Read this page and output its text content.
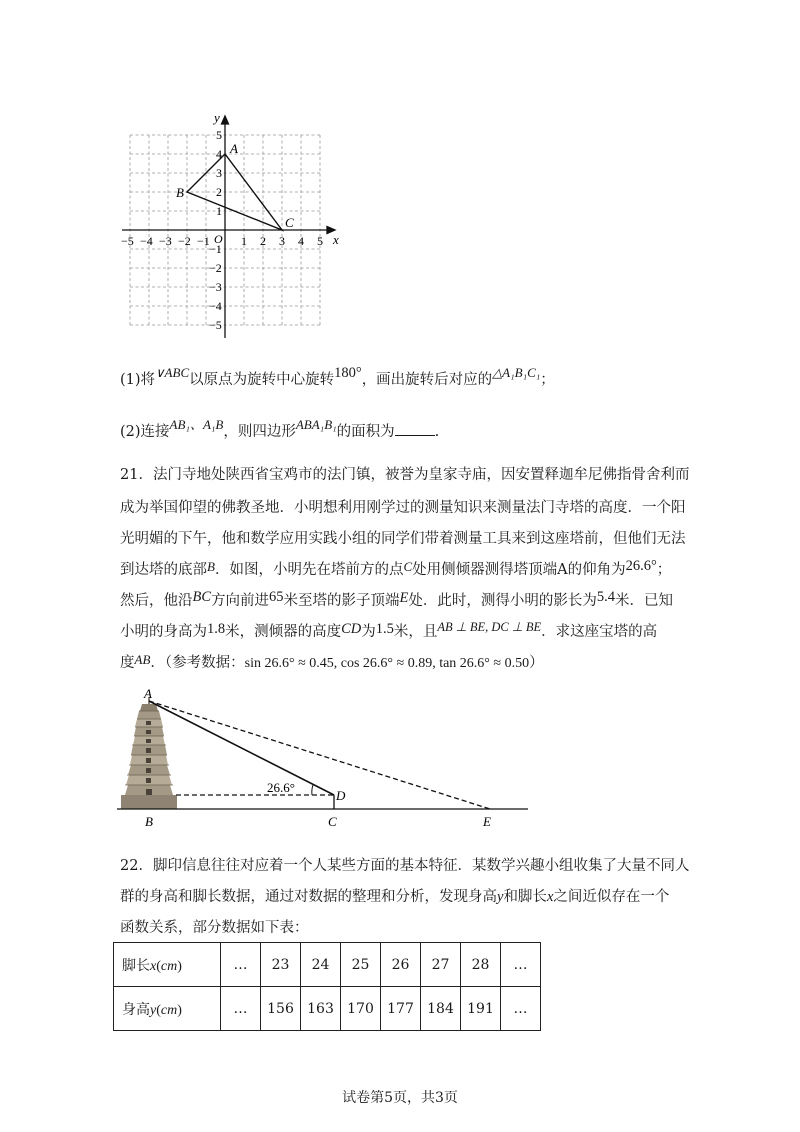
y
x
O
−5 −4 −3 −2 −1	1 2 3 4 5
5
4
3
2
1
−1
−2
−3
−4
−5
A
B
C
(1)将∨ABC以原点为旋转中心旋转180°，画出旋转后对应的△A₁B₁C₁；
(2)连接AB₁、A₁B，则四边形ABA₁B₁的面积为	.
21．法门寺地处陕西省宝鸡市的法门镇，被誉为皇家寺庙，因安置释迦牟尼佛指骨舍利而
成为举国仰望的佛教圣地．小明想利用刚学过的测量知识来测量法门寺塔的高度．一个阳
光明媚的下午，他和数学应用实践小组的同学们带着测量工具来到这座塔前，但他们无法
到达塔的底部B．如图，小明先在塔前方的点C处用侧倾器测得塔顶端A的仰角为26.6°；
然后，他沿BC方向前进65米至塔的影子顶端E处．此时，测得小明的影长为5.4米．已知
小明的身高为1.8米，测倾器的高度CD为1.5米，且AB ⊥ BE, DC ⊥ BE．求这座宝塔的高
度AB．（参考数据：sin 26.6° ≈ 0.45, cos 26.6° ≈ 0.89, tan 26.6° ≈ 0.50）
A
B	C
D
E
26.6°
22．脚印信息往往对应着一个人某些方面的基本特征．某数学兴趣小组收集了大量不同人
群的身高和脚长数据，通过对数据的整理和分析，发现身高y和脚长x之间近似存在一个
函数关系，部分数据如下表：
脚长x(cm)	…	23	24	25	26	27	28	…
身高y(cm)	…	156	163	170	177	184	191	…
试卷第5页，共3页
